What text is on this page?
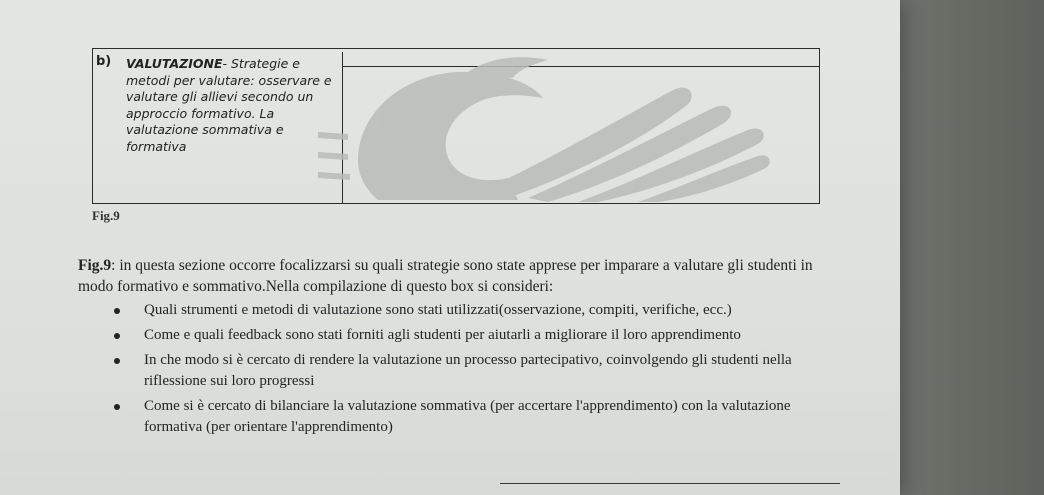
b) VALUTAZIONE- Strategie e metodi per valutare: osservare e valutare gli allievi secondo un approccio formativo. La valutazione sommativa e formativa
Fig.9
Fig.9: in questa sezione occorre focalizzarsi su quali strategie sono state apprese per imparare a valutare gli studenti in modo formativo e sommativo.Nella compilazione di questo box si consideri:
Quali strumenti e metodi di valutazione sono stati utilizzati(osservazione, compiti, verifiche, ecc.)
Come e quali feedback sono stati forniti agli studenti per aiutarli a migliorare il loro apprendimento
In che modo si è cercato di rendere la valutazione un processo partecipativo, coinvolgendo gli studenti nella riflessione sui loro progressi
Come si è cercato di bilanciare la valutazione sommativa (per accertare l'apprendimento) con la valutazione formativa (per orientare l'apprendimento)
